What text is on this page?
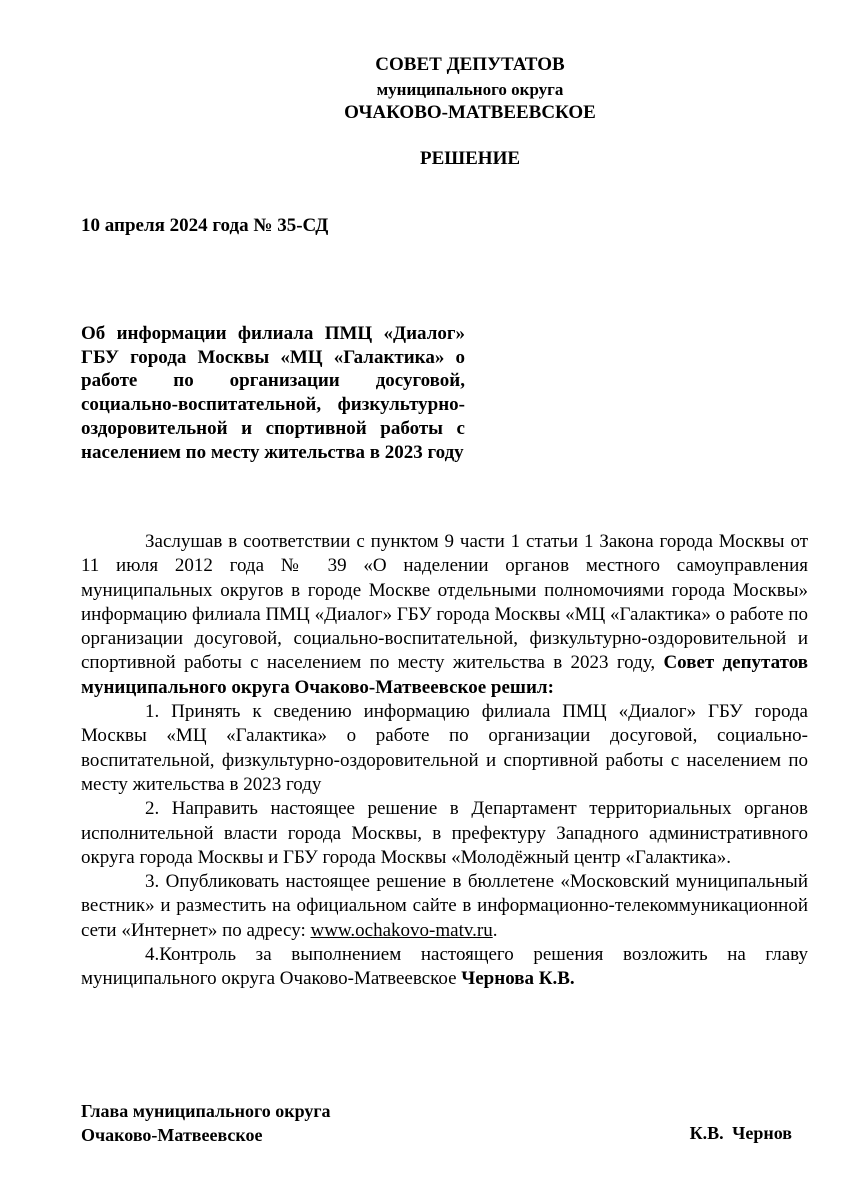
СОВЕТ ДЕПУТАТОВ
муниципального округа
ОЧАКОВО-МАТВЕЕВСКОЕ
РЕШЕНИЕ
10 апреля 2024 года № 35-СД
Об информации филиала ПМЦ «Диалог» ГБУ города Москвы «МЦ «Галактика» о работе по организации досуговой, социально-воспитательной, физкультурно-оздоровительной и спортивной работы с населением по месту жительства в 2023 году

Заслушав в соответствии с пунктом 9 части 1 статьи 1 Закона города Москвы от 11 июля 2012 года № 39 «О наделении органов местного самоуправления муниципальных округов в городе Москве отдельными полномочиями города Москвы» информацию филиала ПМЦ «Диалог» ГБУ города Москвы «МЦ «Галактика» о работе по организации досуговой, социально-воспитательной, физкультурно-оздоровительной и спортивной работы с населением по месту жительства в 2023 году, Совет депутатов муниципального округа Очаково-Матвеевское решил:

1. Принять к сведению информацию филиала ПМЦ «Диалог» ГБУ города Москвы «МЦ «Галактика» о работе по организации досуговой, социально-воспитательной, физкультурно-оздоровительной и спортивной работы с населением по месту жительства в 2023 году

2. Направить настоящее решение в Департамент территориальных органов исполнительной власти города Москвы, в префектуру Западного административного округа города Москвы и ГБУ города Москвы «Молодёжный центр «Галактика».

3. Опубликовать настоящее решение в бюллетене «Московский муниципальный вестник» и разместить на официальном сайте в информационно-телекоммуникационной сети «Интернет» по адресу: www.ochakovo-matv.ru.

4.Контроль за выполнением настоящего решения возложить на главу муниципального округа Очаково-Матвеевское Чернова К.В.

Глава муниципального округа
Очаково-Матвеевское	К.В. Чернов
